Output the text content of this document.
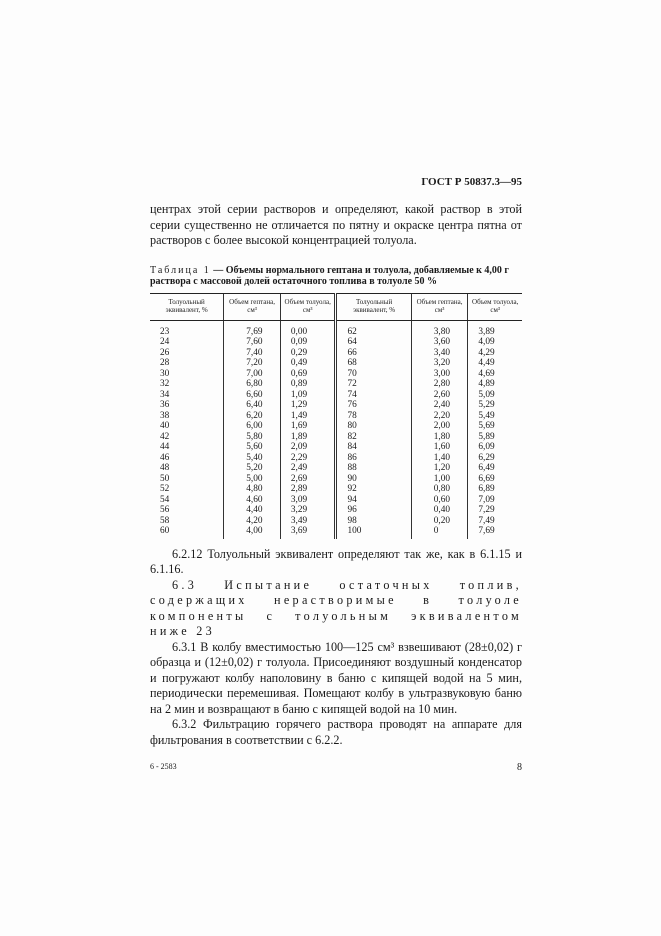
ГОСТ Р 50837.3—95

центрах этой серии растворов и определяют, какой раствор в этой серии существенно не отличается по пятну и окраске центра пятна от растворов с более высокой концентрацией толуола.

Таблица 1 — Объемы нормального гептана и толуола, добавляемые к 4,00 г раствора с массовой долей остаточного топлива в толуоле 50 %
Толуольный эквивалент, %	Объем гептана, см³	Объем толуола, см³	Толуольный эквивалент, %	Объем гептана, см³	Объем толуола, см³
23	7,69	0,00	62	3,80	3,89
24	7,60	0,09	64	3,60	4,09
26	7,40	0,29	66	3,40	4,29
28	7,20	0,49	68	3,20	4,49
30	7,00	0,69	70	3,00	4,69
32	6,80	0,89	72	2,80	4,89
34	6,60	1,09	74	2,60	5,09
36	6,40	1,29	76	2,40	5,29
38	6,20	1,49	78	2,20	5,49
40	6,00	1,69	80	2,00	5,69
42	5,80	1,89	82	1,80	5,89
44	5,60	2,09	84	1,60	6,09
46	5,40	2,29	86	1,40	6,29
48	5,20	2,49	88	1,20	6,49
50	5,00	2,69	90	1,00	6,69
52	4,80	2,89	92	0,80	6,89
54	4,60	3,09	94	0,60	7,09
56	4,40	3,29	96	0,40	7,29
58	4,20	3,49	98	0,20	7,49
60	4,00	3,69	100	0	7,69

6.2.12 Толуольный эквивалент определяют так же, как в 6.1.15 и 6.1.16.

6.3 Испытание остаточных топлив, содержащих нерастворимые в толуоле компоненты с толуольным эквивалентом ниже 23

6.3.1 В колбу вместимостью 100—125 см³ взвешивают (28±0,02) г образца и (12±0,02) г толуола. Присоединяют воздушный конденсатор и погружают колбу наполовину в баню с кипящей водой на 5 мин, периодически перемешивая. Помещают колбу в ультразвуковую баню на 2 мин и возвращают в баню с кипящей водой на 10 мин.

6.3.2 Фильтрацию горячего раствора проводят на аппарате для фильтрования в соответствии с 6.2.2.

6 - 2583	8
